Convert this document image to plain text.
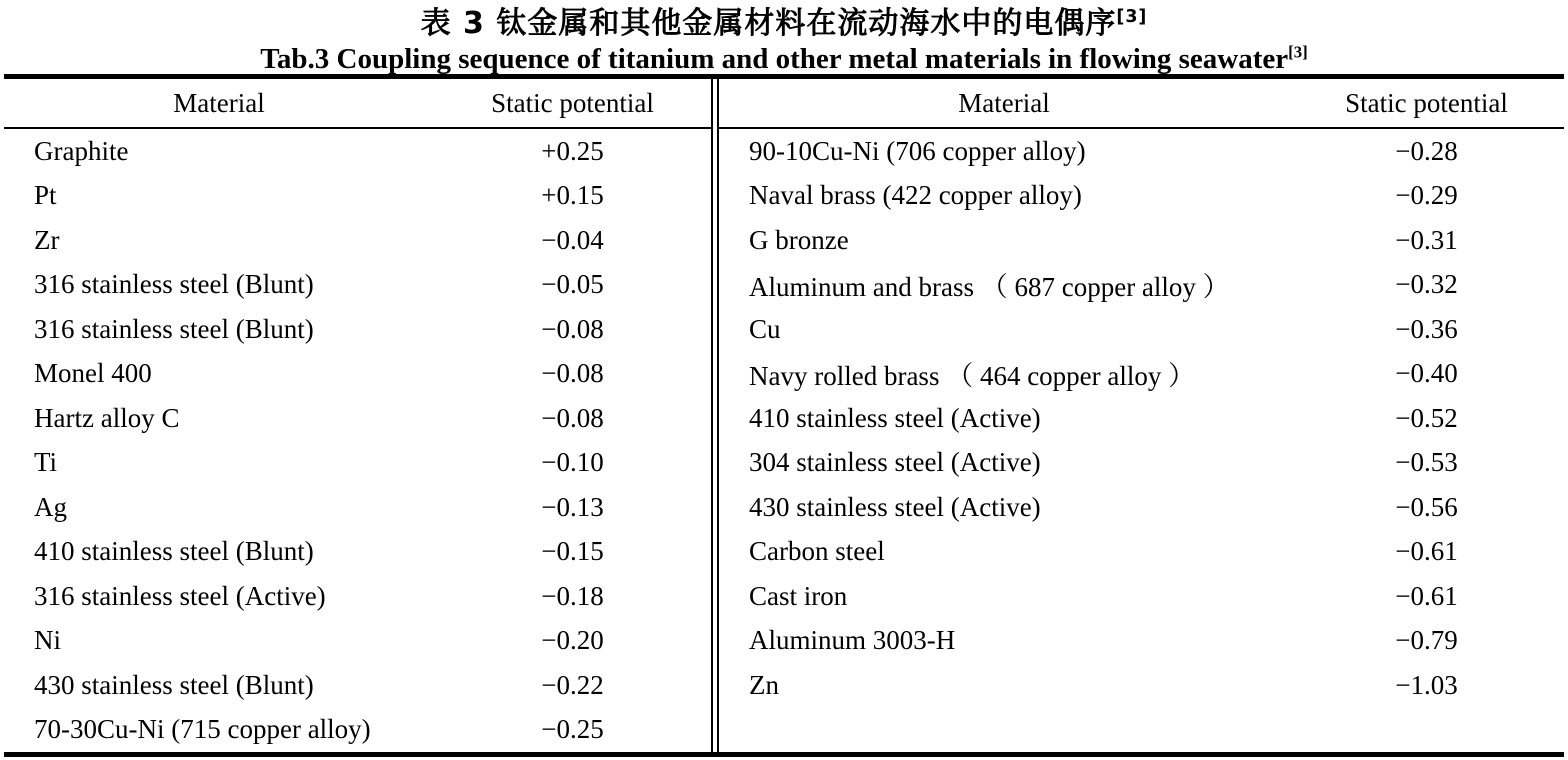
表 3 钛金属和其他金属材料在流动海水中的电偶序[3]
Tab.3 Coupling sequence of titanium and other metal materials in flowing seawater[3]
Material	Static potential
Graphite	+0.25
Pt	+0.15
Zr	−0.04
316 stainless steel (Blunt)	−0.05
316 stainless steel (Blunt)	−0.08
Monel 400	−0.08
Hartz alloy C	−0.08
Ti	−0.10
Ag	−0.13
410 stainless steel (Blunt)	−0.15
316 stainless steel (Active)	−0.18
Ni	−0.20
430 stainless steel (Blunt)	−0.22
70-30Cu-Ni (715 copper alloy)	−0.25
Material	Static potential
90-10Cu-Ni (706 copper alloy)	−0.28
Naval brass (422 copper alloy)	−0.29
G bronze	−0.31
Aluminum and brass （ 687 copper alloy ）	−0.32
Cu	−0.36
Navy rolled brass （ 464 copper alloy ）	−0.40
410 stainless steel (Active)	−0.52
304 stainless steel (Active)	−0.53
430 stainless steel (Active)	−0.56
Carbon steel	−0.61
Cast iron	−0.61
Aluminum 3003-H	−0.79
Zn	−1.03
